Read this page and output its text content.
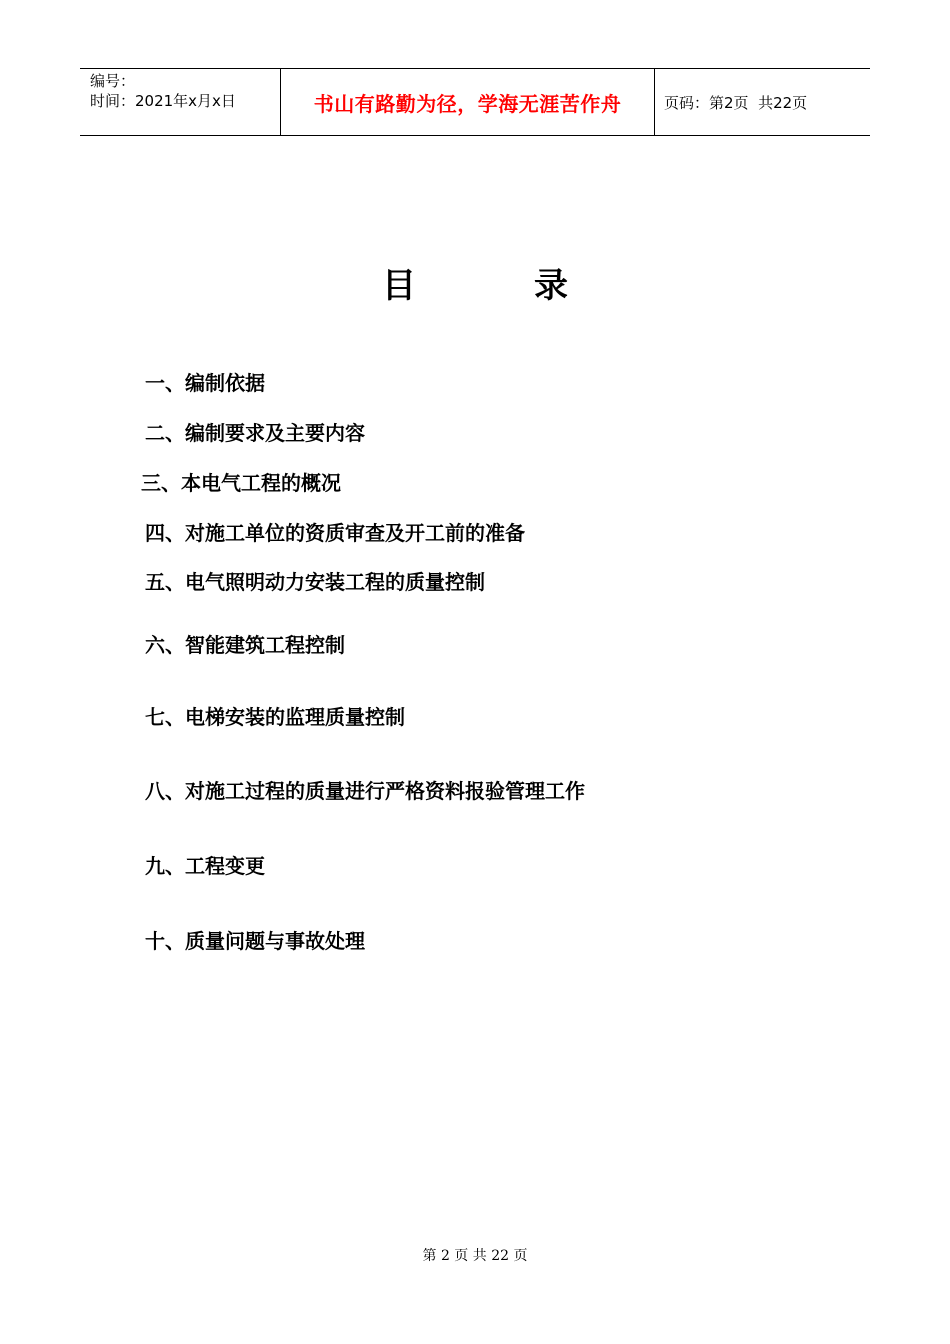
编号：
时间：2021年x月x日	书山有路勤为径，学海无涯苦作舟	页码：第2页  共22页
目	录
一、编制依据
二、编制要求及主要内容
三、本电气工程的概况
四、对施工单位的资质审查及开工前的准备
五、电气照明动力安装工程的质量控制
六、智能建筑工程控制
七、电梯安装的监理质量控制
八、对施工过程的质量进行严格资料报验管理工作
九、工程变更
十、质量问题与事故处理
第 2 页 共 22 页
